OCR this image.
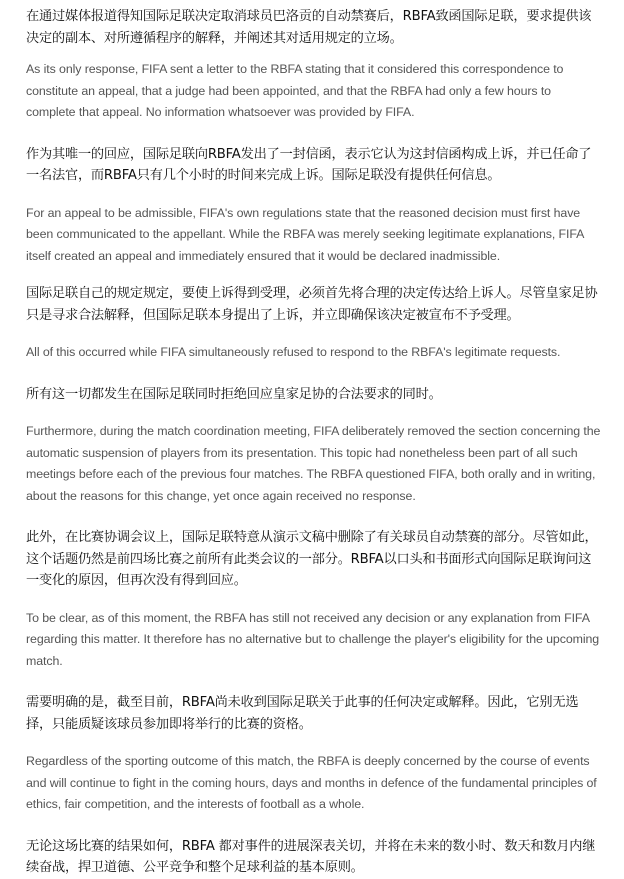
在通过媒体报道得知国际足联决定取消球员巴洛贡的自动禁赛后，RBFA致函国际足联，要求提供该决定的副本、对所遵循程序的解释，并阐述其对适用规定的立场。

As its only response, FIFA sent a letter to the RBFA stating that it considered this correspondence to constitute an appeal, that a judge had been appointed, and that the RBFA had only a few hours to complete that appeal. No information whatsoever was provided by FIFA.

作为其唯一的回应，国际足联向RBFA发出了一封信函，表示它认为这封信函构成上诉，并已任命了一名法官，而RBFA只有几个小时的时间来完成上诉。国际足联没有提供任何信息。

For an appeal to be admissible, FIFA's own regulations state that the reasoned decision must first have been communicated to the appellant. While the RBFA was merely seeking legitimate explanations, FIFA itself created an appeal and immediately ensured that it would be declared inadmissible.

国际足联自己的规定规定，要使上诉得到受理，必须首先将合理的决定传达给上诉人。尽管皇家足协只是寻求合法解释，但国际足联本身提出了上诉，并立即确保该决定被宣布不予受理。

All of this occurred while FIFA simultaneously refused to respond to the RBFA's legitimate requests.

所有这一切都发生在国际足联同时拒绝回应皇家足协的合法要求的同时。

Furthermore, during the match coordination meeting, FIFA deliberately removed the section concerning the automatic suspension of players from its presentation. This topic had nonetheless been part of all such meetings before each of the previous four matches. The RBFA questioned FIFA, both orally and in writing, about the reasons for this change, yet once again received no response.

此外，在比赛协调会议上，国际足联特意从演示文稿中删除了有关球员自动禁赛的部分。尽管如此，这个话题仍然是前四场比赛之前所有此类会议的一部分。RBFA以口头和书面形式向国际足联询问这一变化的原因，但再次没有得到回应。

To be clear, as of this moment, the RBFA has still not received any decision or any explanation from FIFA regarding this matter. It therefore has no alternative but to challenge the player's eligibility for the upcoming match.

需要明确的是，截至目前，RBFA尚未收到国际足联关于此事的任何决定或解释。因此，它别无选择，只能质疑该球员参加即将举行的比赛的资格。

Regardless of the sporting outcome of this match, the RBFA is deeply concerned by the course of events and will continue to fight in the coming hours, days and months in defence of the fundamental principles of ethics, fair competition, and the interests of football as a whole.

无论这场比赛的结果如何，RBFA 都对事件的进展深表关切，并将在未来的数小时、数天和数月内继续奋战，捍卫道德、公平竞争和整个足球利益的基本原则。
